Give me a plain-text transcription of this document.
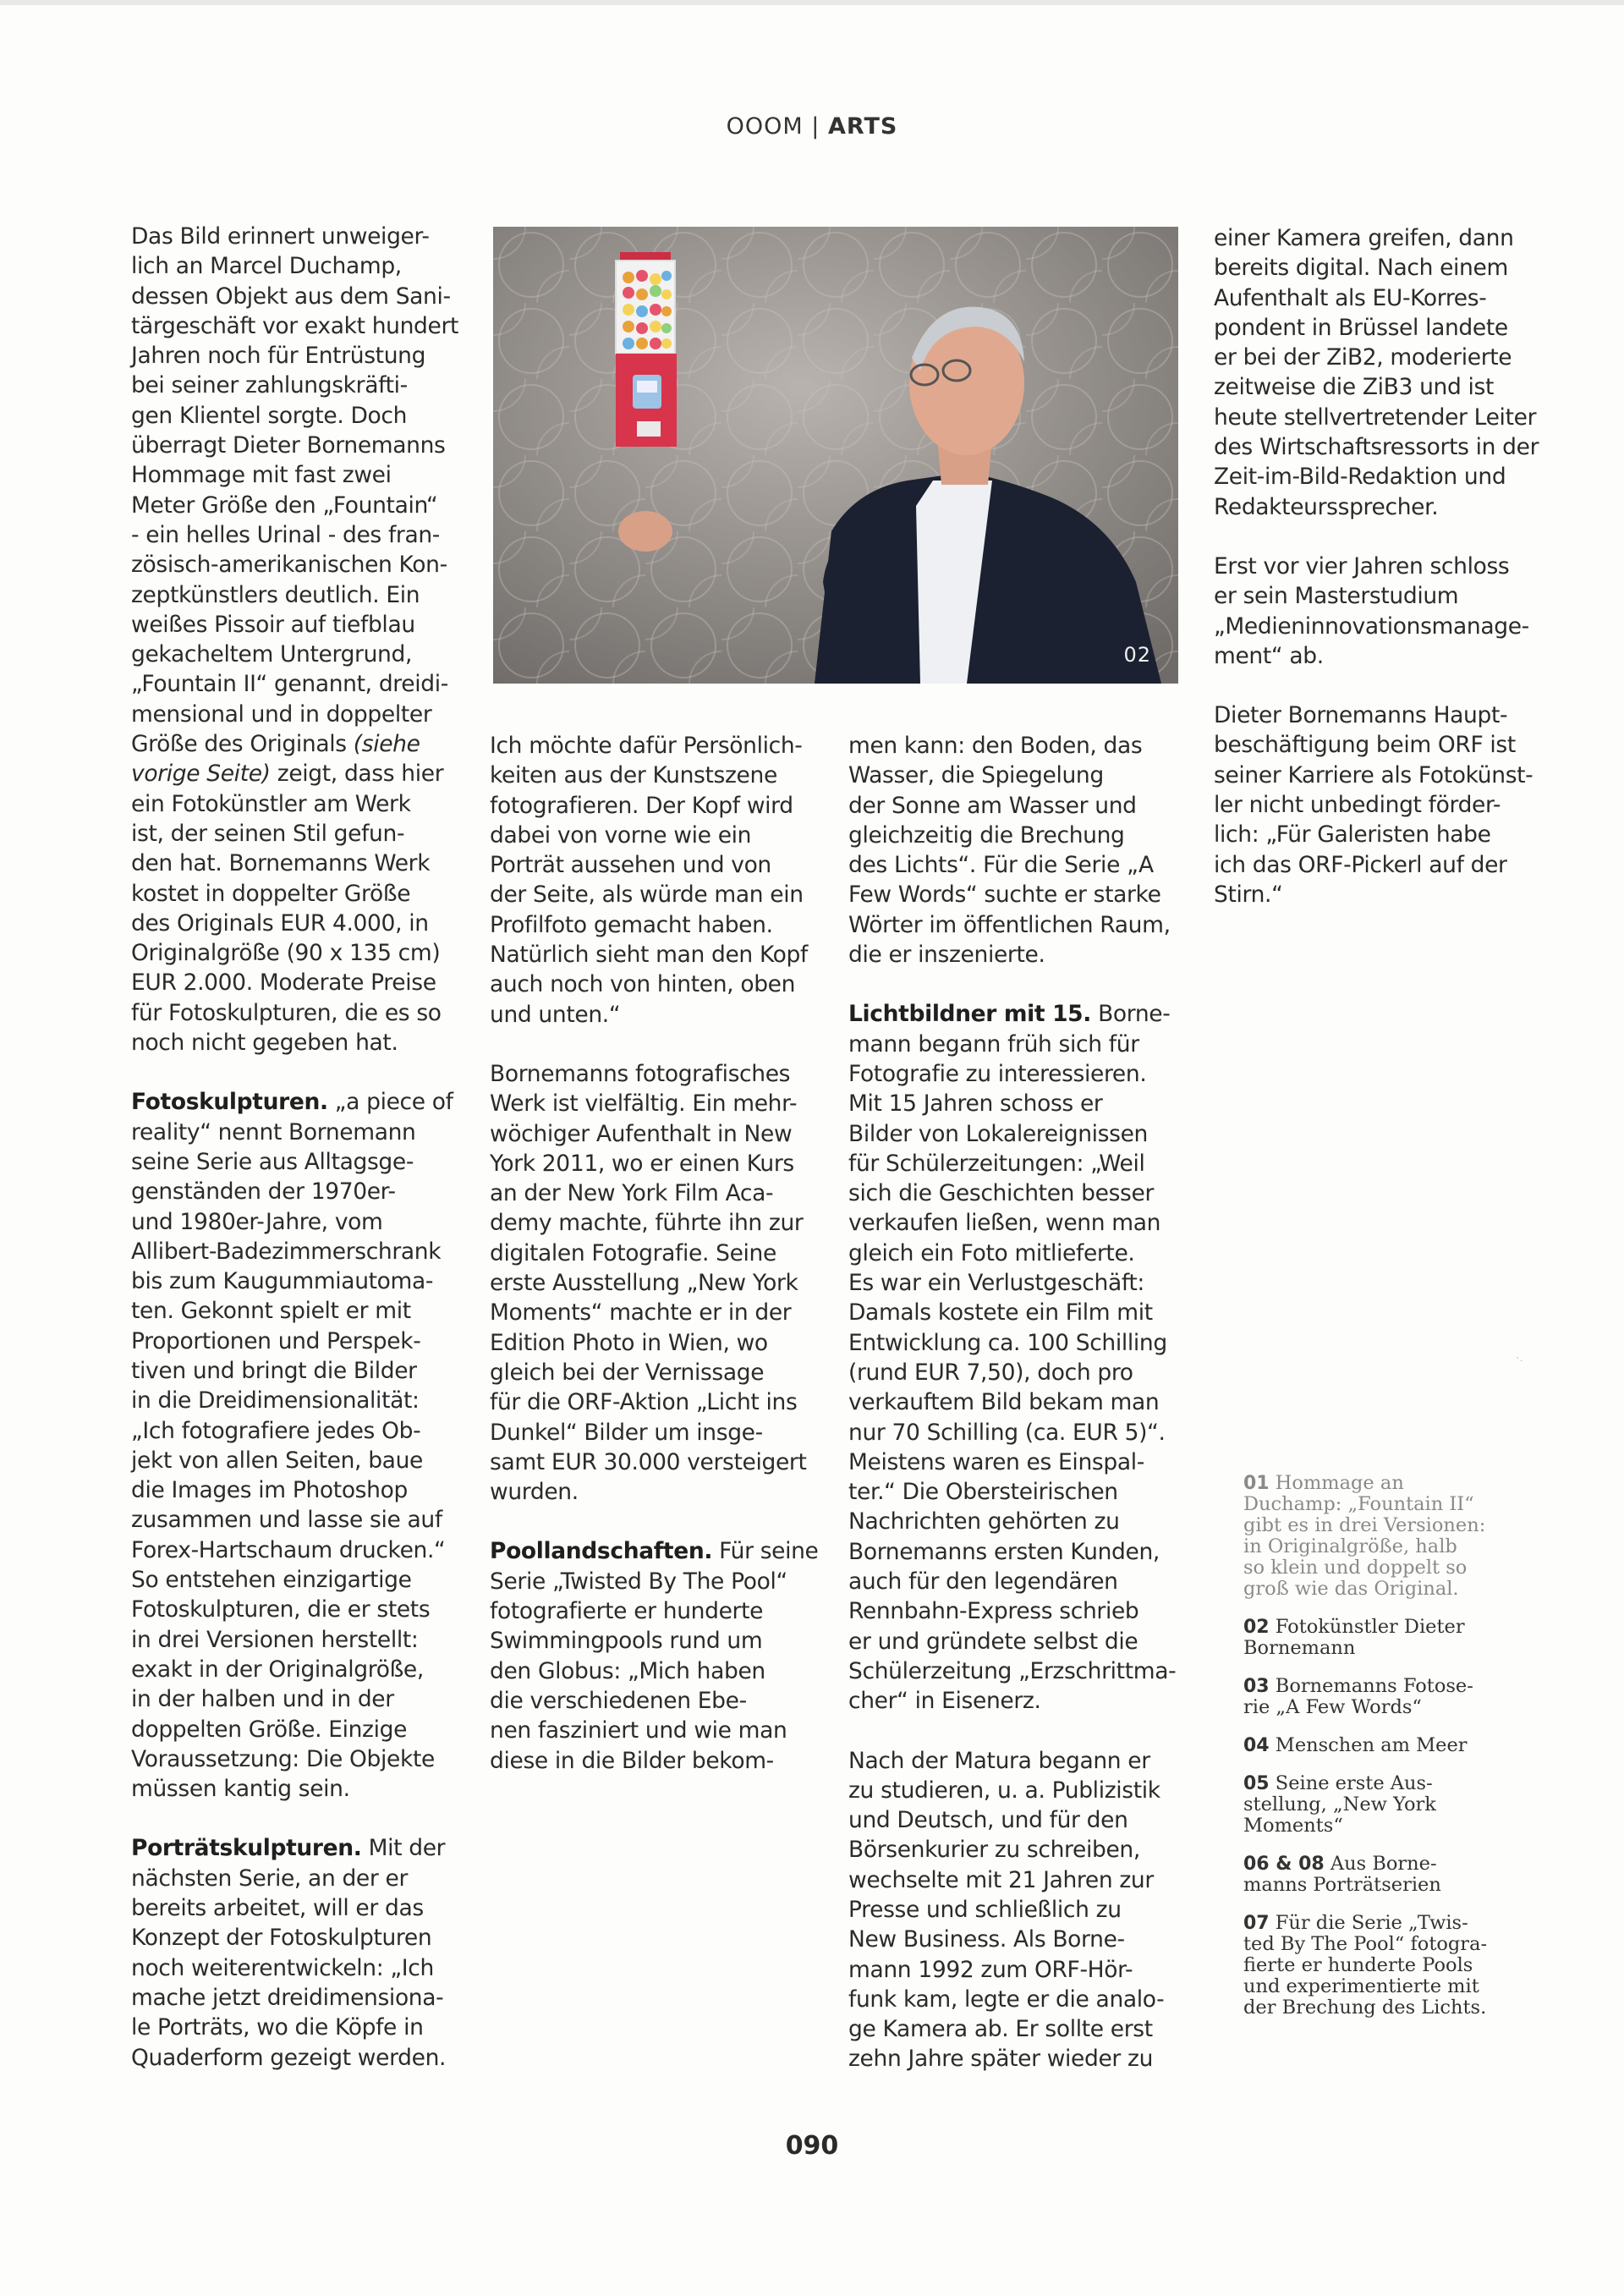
OOOM | ARTS

Das Bild erinnert unweiger-
lich an Marcel Duchamp,
dessen Objekt aus dem Sani-
tärgeschäft vor exakt hundert
Jahren noch für Entrüstung
bei seiner zahlungskräfti-
gen Klientel sorgte. Doch
überragt Dieter Bornemanns
Hommage mit fast zwei
Meter Größe den „Fountain“
- ein helles Urinal - des fran-
zösisch-amerikanischen Kon-
zeptkünstlers deutlich. Ein
weißes Pissoir auf tiefblau
gekacheltem Untergrund,
„Fountain II“ genannt, dreidi-
mensional und in doppelter
Größe des Originals (siehe
vorige Seite) zeigt, dass hier
ein Fotokünstler am Werk
ist, der seinen Stil gefun-
den hat. Bornemanns Werk
kostet in doppelter Größe
des Originals EUR 4.000, in
Originalgröße (90 x 135 cm)
EUR 2.000. Moderate Preise
für Fotoskulpturen, die es so
noch nicht gegeben hat.

Fotoskulpturen. „a piece of
reality“ nennt Bornemann
seine Serie aus Alltagsge-
genständen der 1970er-
und 1980er-Jahre, vom
Allibert-Badezimmerschrank
bis zum Kaugummiautoma-
ten. Gekonnt spielt er mit
Proportionen und Perspek-
tiven und bringt die Bilder
in die Dreidimensionalität:
„Ich fotografiere jedes Ob-
jekt von allen Seiten, baue
die Images im Photoshop
zusammen und lasse sie auf
Forex-Hartschaum drucken.“
So entstehen einzigartige
Fotoskulpturen, die er stets
in drei Versionen herstellt:
exakt in der Originalgröße,
in der halben und in der
doppelten Größe. Einzige
Voraussetzung: Die Objekte
müssen kantig sein.

Porträtskulpturen. Mit der
nächsten Serie, an der er
bereits arbeitet, will er das
Konzept der Fotoskulpturen
noch weiterentwickeln: „Ich
mache jetzt dreidimensiona-
le Porträts, wo die Köpfe in
Quaderform gezeigt werden.

02

Ich möchte dafür Persönlich-
keiten aus der Kunstszene
fotografieren. Der Kopf wird
dabei von vorne wie ein
Porträt aussehen und von
der Seite, als würde man ein
Profilfoto gemacht haben.
Natürlich sieht man den Kopf
auch noch von hinten, oben
und unten.“

Bornemanns fotografisches
Werk ist vielfältig. Ein mehr-
wöchiger Aufenthalt in New
York 2011, wo er einen Kurs
an der New York Film Aca-
demy machte, führte ihn zur
digitalen Fotografie. Seine
erste Ausstellung „New York
Moments“ machte er in der
Edition Photo in Wien, wo
gleich bei der Vernissage
für die ORF-Aktion „Licht ins
Dunkel“ Bilder um insge-
samt EUR 30.000 versteigert
wurden.

Poollandschaften. Für seine
Serie „Twisted By The Pool“
fotografierte er hunderte
Swimmingpools rund um
den Globus: „Mich haben
die verschiedenen Ebe-
nen fasziniert und wie man
diese in die Bilder bekom-

men kann: den Boden, das
Wasser, die Spiegelung
der Sonne am Wasser und
gleichzeitig die Brechung
des Lichts“. Für die Serie „A
Few Words“ suchte er starke
Wörter im öffentlichen Raum,
die er inszenierte.

Lichtbildner mit 15. Borne-
mann begann früh sich für
Fotografie zu interessieren.
Mit 15 Jahren schoss er
Bilder von Lokalereignissen
für Schülerzeitungen: „Weil
sich die Geschichten besser
verkaufen ließen, wenn man
gleich ein Foto mitlieferte.
Es war ein Verlustgeschäft:
Damals kostete ein Film mit
Entwicklung ca. 100 Schilling
(rund EUR 7,50), doch pro
verkauftem Bild bekam man
nur 70 Schilling (ca. EUR 5)“.
Meistens waren es Einspal-
ter.“ Die Obersteirischen
Nachrichten gehörten zu
Bornemanns ersten Kunden,
auch für den legendären
Rennbahn-Express schrieb
er und gründete selbst die
Schülerzeitung „Erzschrittma-
cher“ in Eisenerz.

Nach der Matura begann er
zu studieren, u. a. Publizistik
und Deutsch, und für den
Börsenkurier zu schreiben,
wechselte mit 21 Jahren zur
Presse und schließlich zu
New Business. Als Borne-
mann 1992 zum ORF-Hör-
funk kam, legte er die analo-
ge Kamera ab. Er sollte erst
zehn Jahre später wieder zu

einer Kamera greifen, dann
bereits digital. Nach einem
Aufenthalt als EU-Korres-
pondent in Brüssel landete
er bei der ZiB2, moderierte
zeitweise die ZiB3 und ist
heute stellvertretender Leiter
des Wirtschaftsressorts in der
Zeit-im-Bild-Redaktion und
Redakteurssprecher.

Erst vor vier Jahren schloss
er sein Masterstudium
„Medieninnovationsmanage-
ment“ ab.

Dieter Bornemanns Haupt-
beschäftigung beim ORF ist
seiner Karriere als Fotokünst-
ler nicht unbedingt förder-
lich: „Für Galeristen habe
ich das ORF-Pickerl auf der
Stirn.“

ˋ·
01 Hommage an
Duchamp: „Fountain II“
gibt es in drei Versionen:
in Originalgröße, halb
so klein und doppelt so
groß wie das Original.
02 Fotokünstler Dieter
Bornemann
03 Bornemanns Fotose-
rie „A Few Words“
04 Menschen am Meer
05 Seine erste Aus-
stellung, „New York
Moments“
06 & 08 Aus Borne-
manns Porträtserien
07 Für die Serie „Twis-
ted By The Pool“ fotogra-
fierte er hunderte Pools
und experimentierte mit
der Brechung des Lichts.
090
